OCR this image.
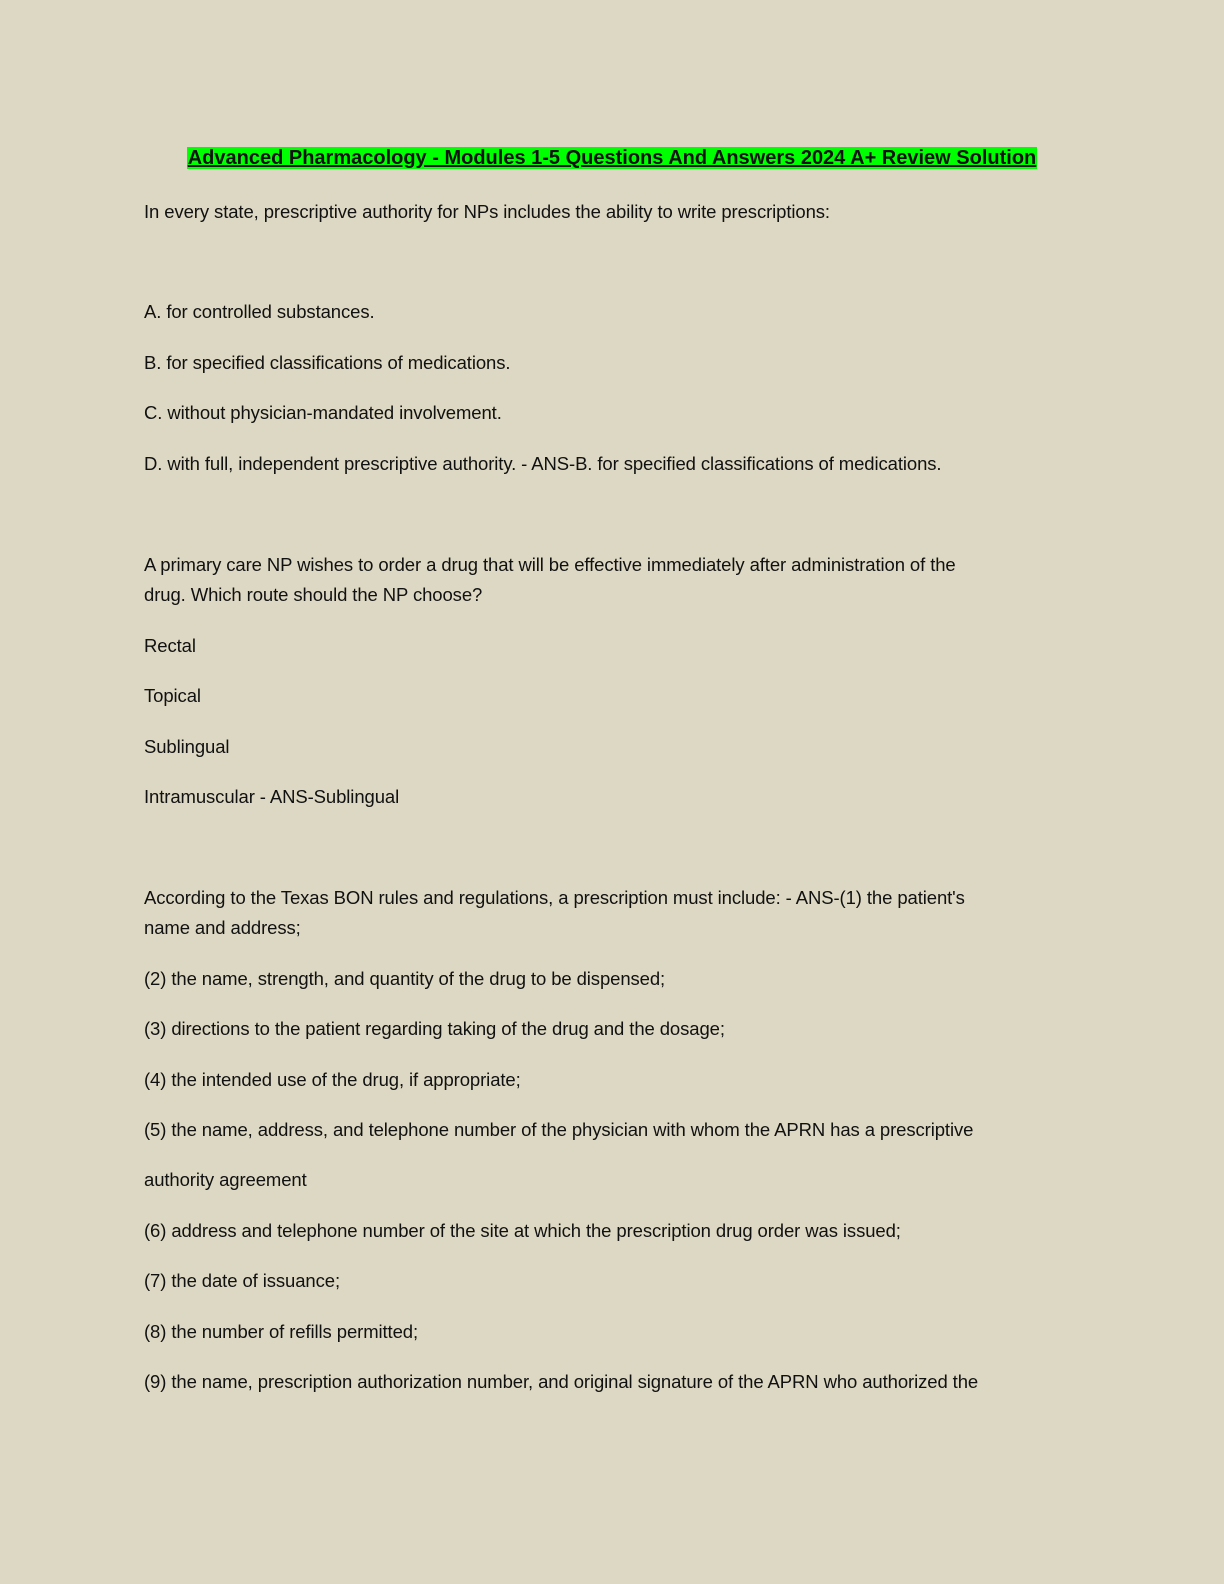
Advanced Pharmacology - Modules 1-5 Questions And Answers 2024 A+ Review Solution
In every state, prescriptive authority for NPs includes the ability to write prescriptions:
A. for controlled substances.
B. for specified classifications of medications.
C. without physician-mandated involvement.
D. with full, independent prescriptive authority. - ANS-B. for specified classifications of medications.
A primary care NP wishes to order a drug that will be effective immediately after administration of the
drug. Which route should the NP choose?
Rectal
Topical
Sublingual
Intramuscular - ANS-Sublingual
According to the Texas BON rules and regulations, a prescription must include: - ANS-(1) the patient's
name and address;
(2) the name, strength, and quantity of the drug to be dispensed;
(3) directions to the patient regarding taking of the drug and the dosage;
(4) the intended use of the drug, if appropriate;
(5) the name, address, and telephone number of the physician with whom the APRN has a prescriptive
authority agreement
(6) address and telephone number of the site at which the prescription drug order was issued;
(7) the date of issuance;
(8) the number of refills permitted;
(9) the name, prescription authorization number, and original signature of the APRN who authorized the
